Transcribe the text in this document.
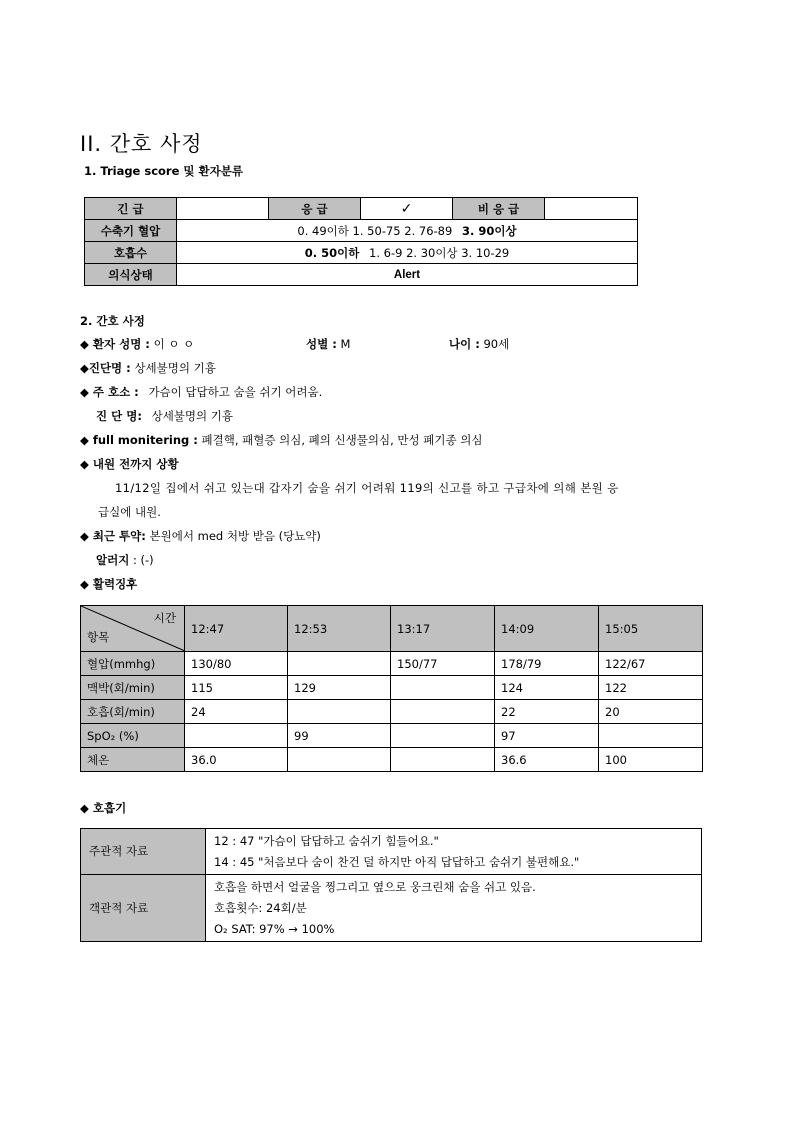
II. 간호 사정
1. Triage score 및 환자분류
긴 급		응 급	✓	비 응 급	
수축기 혈압	0. 49이하 1. 50-75 2. 76-89 3. 90이상				
호흡수	0. 50이하 1. 6-9 2. 30이상 3. 10-29				
의식상태	Alert				
2. 간호 사정
◆ 환자 성명 : 이 ㅇ ㅇ	성별 : M	나이 : 90세
◆진단명 : 상세불명의 기흉
◆ 주 호소 : 가슴이 답답하고 숨을 쉬기 어려움.
진 단 명: 상세불명의 기흉
◆ full monitering : 폐결핵, 패혈증 의심, 폐의 신생물의심, 만성 폐기종 의심
◆ 내원 전까지 상황
11/12일 집에서 쉬고 있는대 갑자기 숨을 쉬기 어려워 119의 신고를 하고 구급차에 의해 본원 응
급실에 내원.
◆ 최근 투약: 본원에서 med 처방 받음 (당뇨약)
알러지 : (-)
◆ 활력징후
시간
항목	12:47	12:53	13:17	14:09	15:05
혈압(mmhg)	130/80		150/77	178/79	122/67
맥박(회/min)	115	129		124	122
호흡(회/min)	24			22	20
SpO₂ (%)		99		97	
체온	36.0			36.6	100
◆ 호흡기
주관적 자료	12 : 47 "가슴이 답답하고 숨쉬기 힘들어요."
14 : 45 "처음보다 숨이 찬건 덜 하지만 아직 답답하고 숨쉬기 불편해요."

객관적 자료	호흡을 하면서 얼굴을 찡그리고 옆으로 웅크린채 숨을 쉬고 있음.
호흡횟수: 24회/분
O₂ SAT: 97% → 100%
